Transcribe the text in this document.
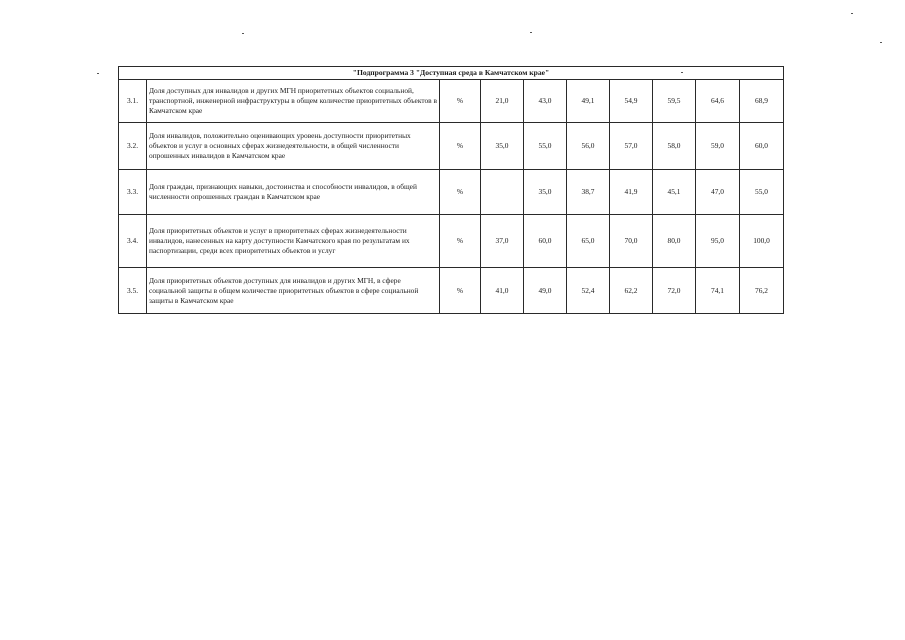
"Подпрограмма 3 "Доступная среда в Камчатском крае"									
3.1.	Доля доступных для инвалидов и других МГН приоритетных объектов социальной, транспортной, инженерной инфраструктуры в общем количестве приоритетных объектов в Камчатском крае	%	21,0	43,0	49,1	54,9	59,5	64,6	68,9
3.2.	Доля инвалидов, положительно оценивающих уровень доступности приоритетных объектов и услуг в основных сферах жизнедеятельности, в общей численности опрошенных инвалидов в Камчатском крае	%	35,0	55,0	56,0	57,0	58,0	59,0	60,0
3.3.	Доля граждан, признающих навыки, достоинства и способности инвалидов, в общей численности опрошенных граждан в Камчатском крае	%		35,0	38,7	41,9	45,1	47,0	55,0
3.4.	Доля приоритетных объектов и услуг в приоритетных сферах жизнедеятельности инвалидов, нанесенных на карту доступности Камчатского края по результатам их паспортизации, среди всех приоритетных объектов и услуг	%	37,0	60,0	65,0	70,0	80,0	95,0	100,0
3.5.	Доля приоритетных объектов доступных для инвалидов и других МГН, в сфере социальной защиты в общем количестве приоритетных объектов в сфере социальной защиты в Камчатском крае	%	41,0	49,0	52,4	62,2	72,0	74,1	76,2
